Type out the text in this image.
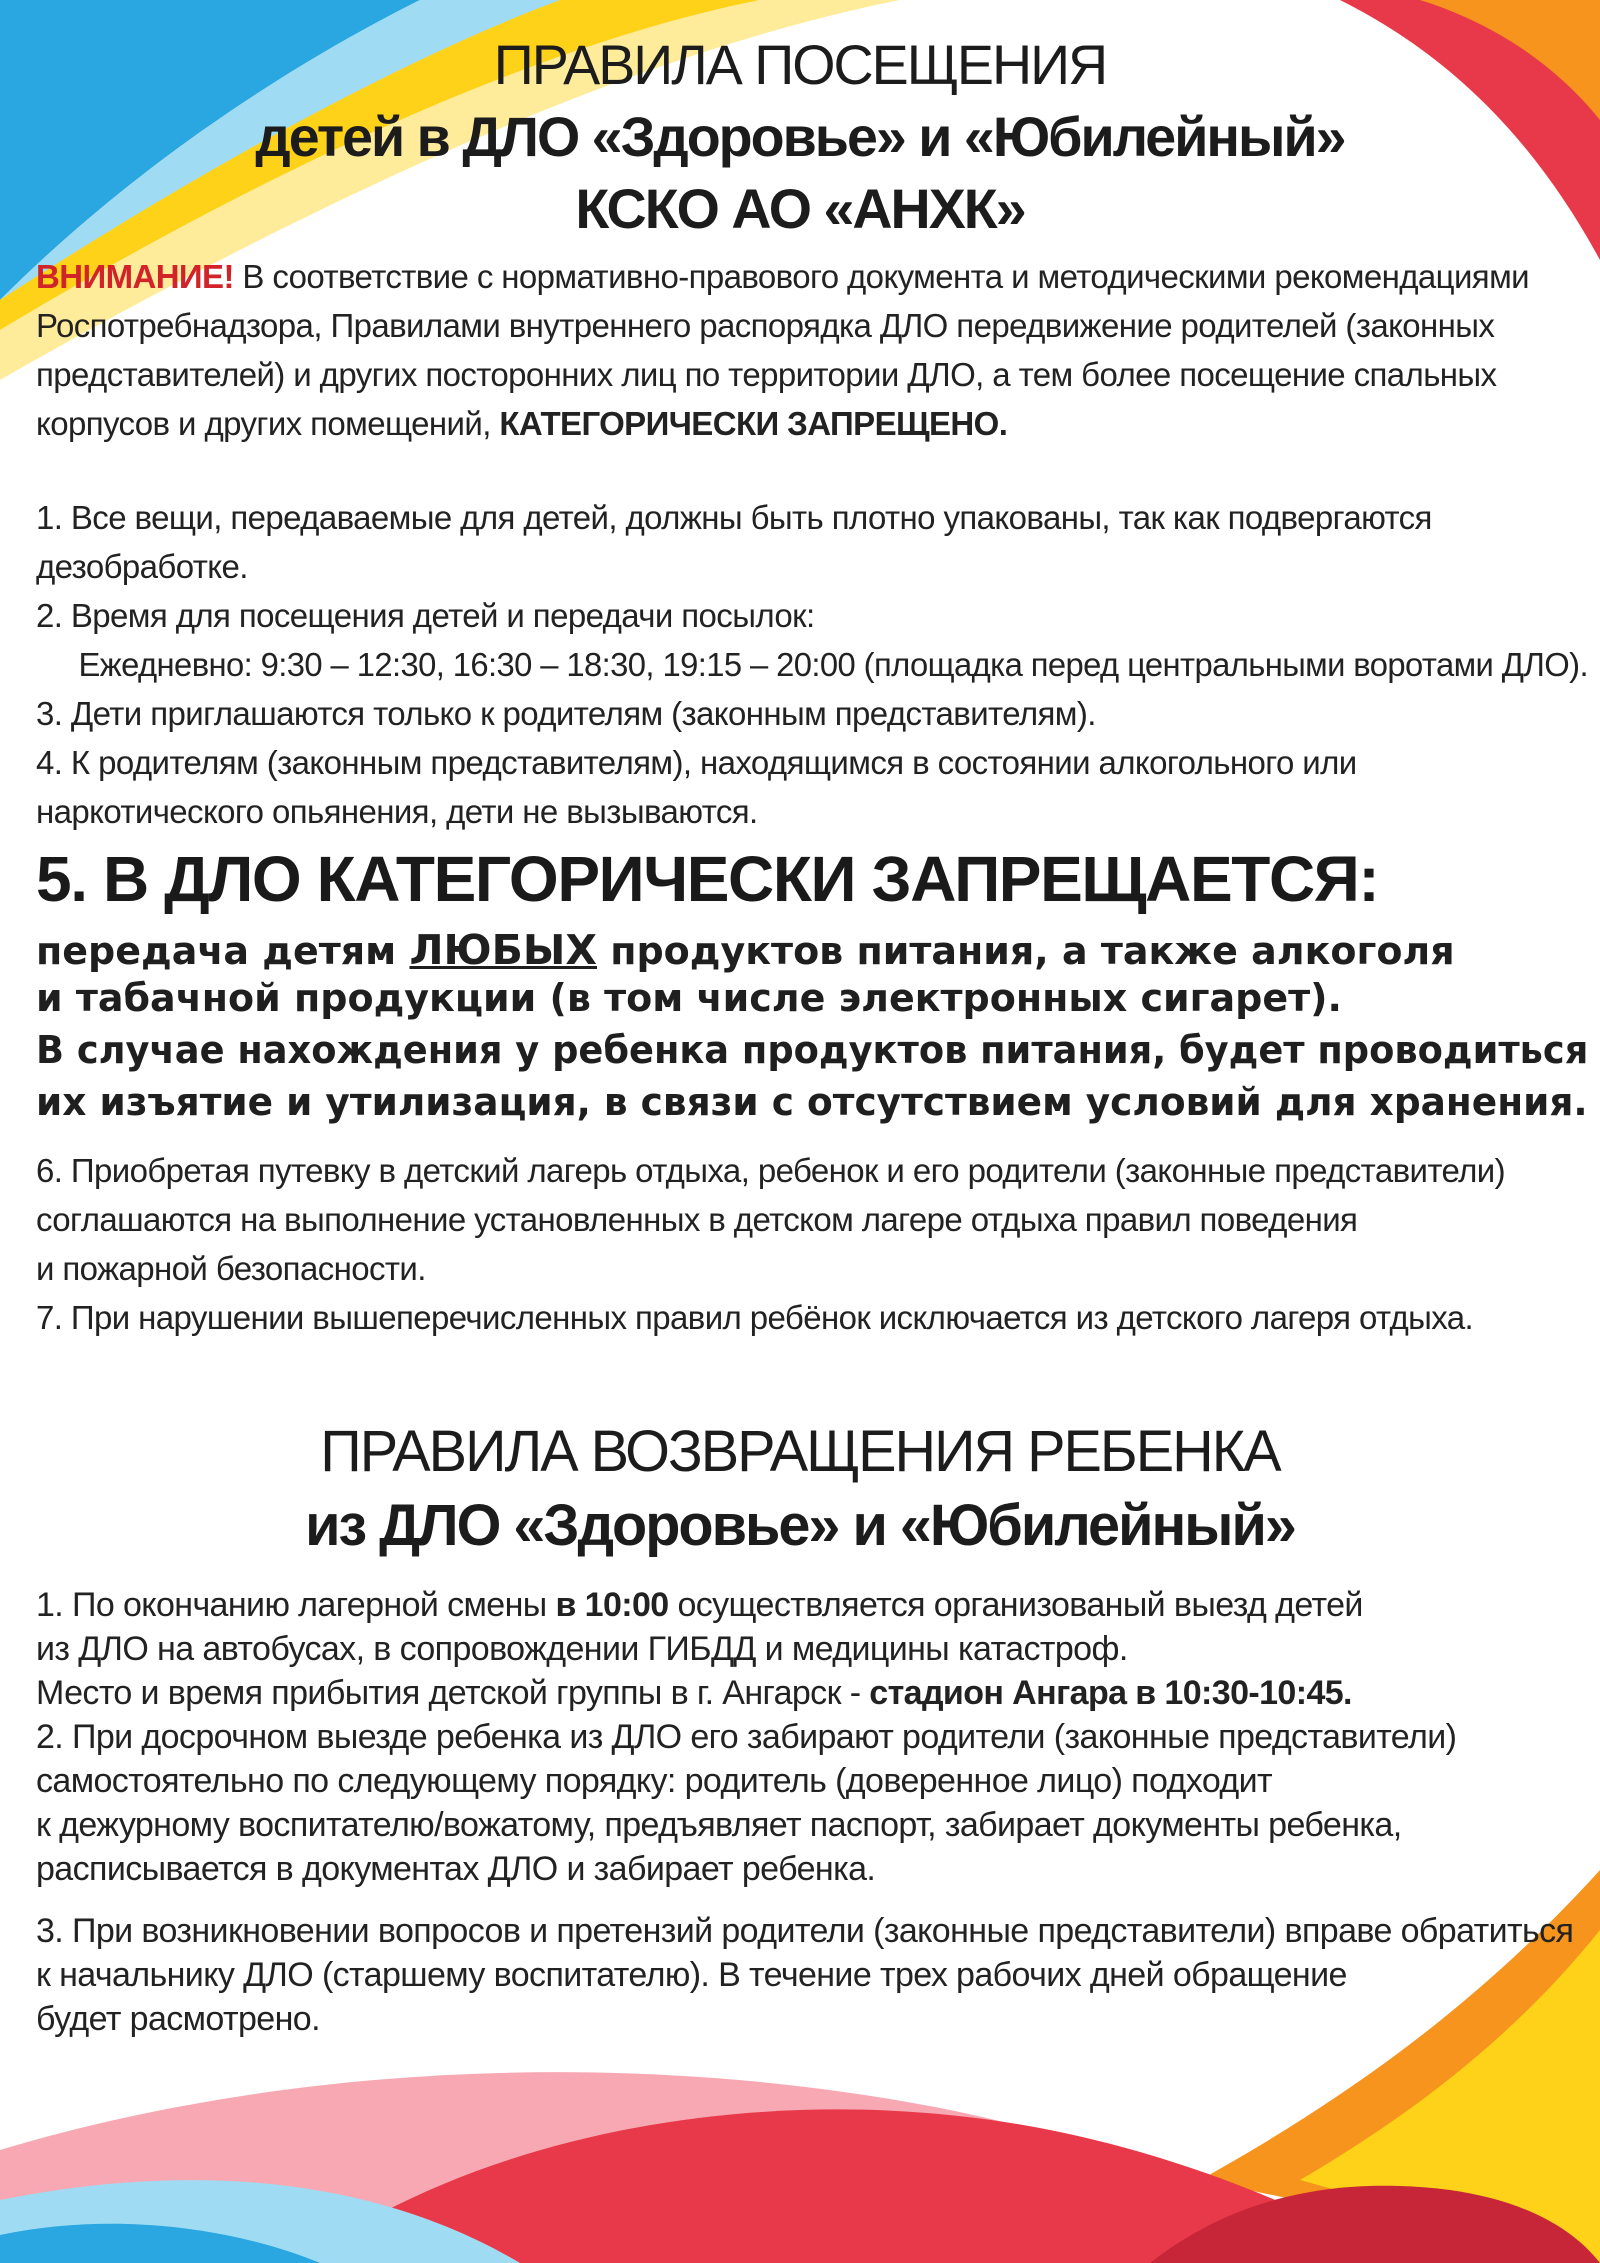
ПРАВИЛА ПОСЕЩЕНИЯ
детей в ДЛО «Здоровье» и «Юбилейный»
КСКО АО «АНХК»
ВНИМАНИЕ! В соответствие с нормативно-правового документа и методическими рекомендациями
Роспотребнадзора, Правилами внутреннего распорядка ДЛО передвижение родителей (законных
представителей) и других посторонних лиц по территории ДЛО, а тем более посещение спальных
корпусов и других помещений, КАТЕГОРИЧЕСКИ ЗАПРЕЩЕНО.
1. Все вещи, передаваемые для детей, должны быть плотно упакованы, так как подвергаются
дезобработке.
2. Время для посещения детей и передачи посылок:
Ежедневно: 9:30 – 12:30, 16:30 – 18:30, 19:15 – 20:00 (площадка перед центральными воротами ДЛО).
3. Дети приглашаются только к родителям (законным представителям).
4. К родителям (законным представителям), находящимся в состоянии алкогольного или
наркотического опьянения, дети не вызываются.
5. В ДЛО КАТЕГОРИЧЕСКИ ЗАПРЕЩАЕТСЯ:
передача детям ЛЮБЫХ продуктов питания, а также алкоголя
и табачной продукции (в том числе электронных сигарет).
В случае нахождения у ребенка продуктов питания, будет проводиться
их изъятие и утилизация, в связи с отсутствием условий для хранения.
6. Приобретая путевку в детский лагерь отдыха, ребенок и его родители (законные представители)
соглашаются на выполнение установленных в детском лагере отдыха правил поведения
и пожарной безопасности.
7. При нарушении вышеперечисленных правил ребёнок исключается из детского лагеря отдыха.
ПРАВИЛА ВОЗВРАЩЕНИЯ РЕБЕНКА
из ДЛО «Здоровье» и «Юбилейный»
1. По окончанию лагерной смены в 10:00 осуществляется организованый выезд детей
из ДЛО на автобусах, в сопровождении ГИБДД и медицины катастроф.
Место и время прибытия детской группы в г. Ангарск - стадион Ангара в 10:30-10:45.
2. При досрочном выезде ребенка из ДЛО его забирают родители (законные представители)
самостоятельно по следующему порядку: родитель (доверенное лицо) подходит
к дежурному воспитателю/вожатому, предъявляет паспорт, забирает документы ребенка,
расписывается в документах ДЛО и забирает ребенка.
3. При возникновении вопросов и претензий родители (законные представители) вправе обратиться
к начальнику ДЛО (старшему воспитателю). В течение трех рабочих дней обращение
будет расмотрено.
